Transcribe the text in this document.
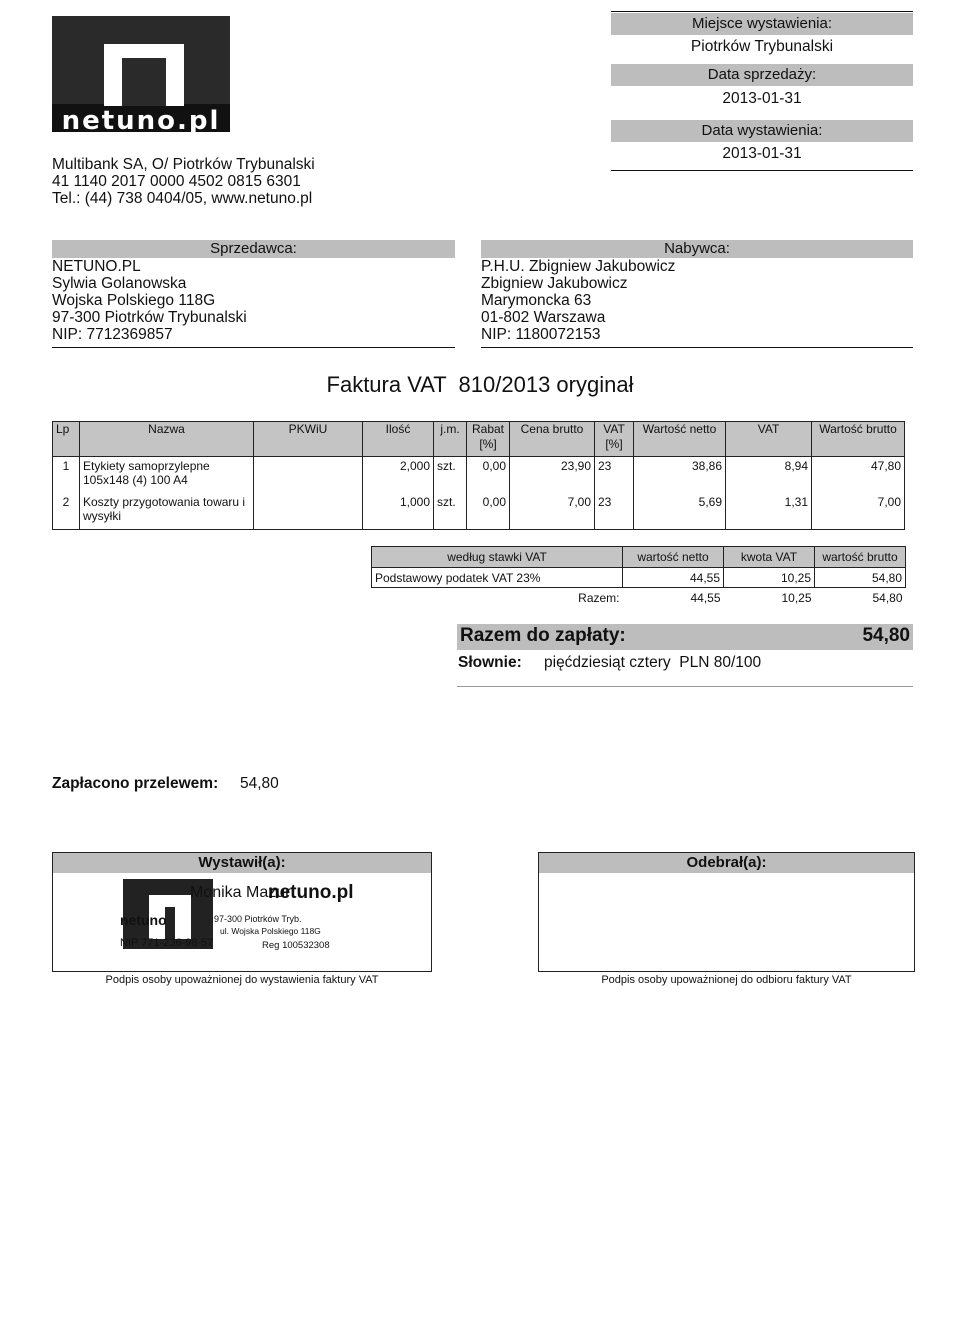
netuno.pl
Multibank SA, O/ Piotrków Trybunalski
41 1140 2017 0000 4502 0815 6301
Tel.: (44) 738 0404/05, www.netuno.pl
Miejsce wystawienia:
Piotrków Trybunalski
Data sprzedaży:
2013-01-31
Data wystawienia:
2013-01-31
Sprzedawca:
NETUNO.PL
Sylwia Golanowska
Wojska Polskiego 118G
97-300 Piotrków Trybunalski
NIP: 7712369857
Nabywca:
P.H.U. Zbigniew Jakubowicz
Zbigniew Jakubowicz
Marymoncka 63
01-802 Warszawa
NIP: 1180072153
Faktura VAT  810/2013 oryginał
Lp	Nazwa	PKWiU	Ilość	j.m.	Rabat [%]	Cena brutto	VAT [%]	Wartość netto	VAT	Wartość brutto
1	Etykiety samoprzylepne 105x148 (4) 100 A4		2,000	szt.	0,00	23,90	23	38,86	8,94	47,80
2	Koszty przygotowania towaru i wysyłki		1,000	szt.	0,00	7,00	23	5,69	1,31	7,00
według stawki VAT	wartość netto	kwota VAT	wartość brutto
Podstawowy podatek VAT 23%	44,55	10,25	54,80
Razem:	44,55	10,25	54,80
Razem do zapłaty:	54,80
Słownie: pięćdziesiąt cztery  PLN 80/100
Zapłacono przelewem: 54,80
Wystawił(a):
Podpis osoby upoważnionej do wystawienia faktury VAT
Monika Mazur
netuno.pl
netuno	97-300 Piotrków Tryb.
ul. Wojska Polskiego 118G
NIP 771-236-98-57	Reg 100532308
Odebrał(a):
Podpis osoby upoważnionej do odbioru faktury VAT
